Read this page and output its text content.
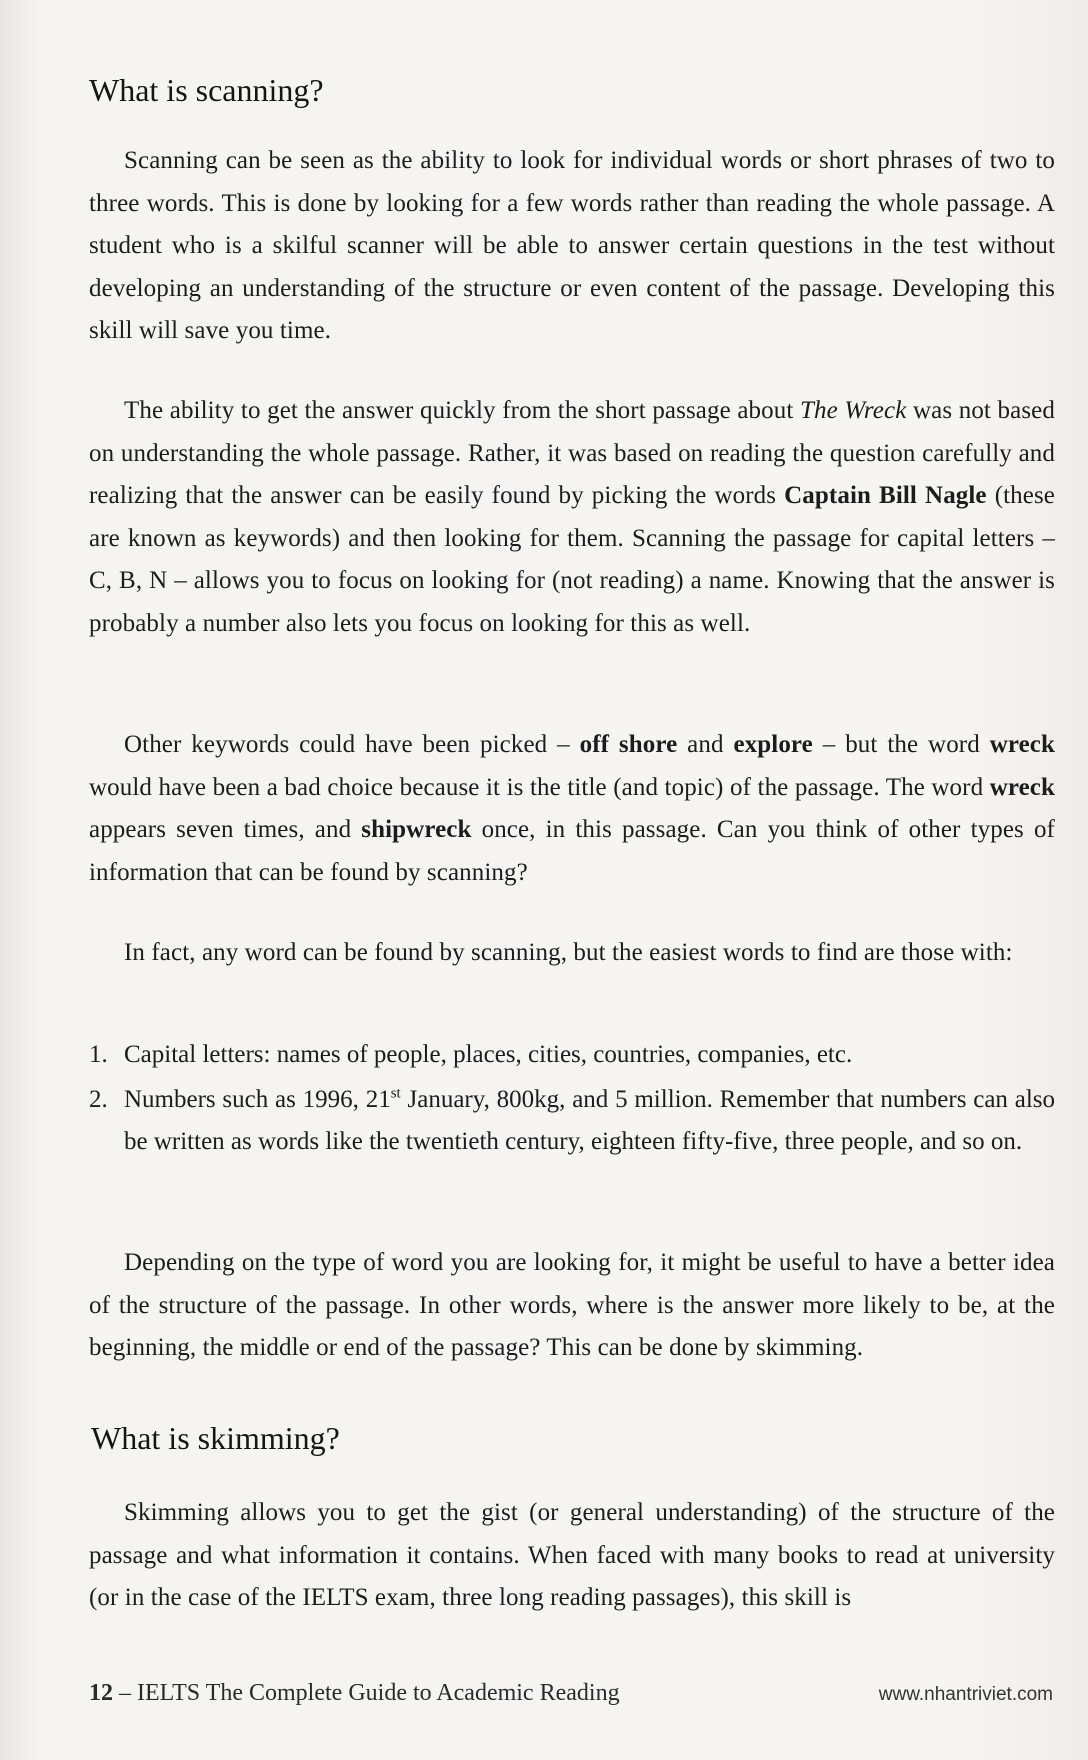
What is scanning?

Scanning can be seen as the ability to look for individual words or short phrases of two to three words. This is done by looking for a few words rather than reading the whole passage. A student who is a skilful scanner will be able to answer certain questions in the test without developing an understanding of the structure or even content of the passage. Developing this skill will save you time.

The ability to get the answer quickly from the short passage about The Wreck was not based on understanding the whole passage. Rather, it was based on reading the question carefully and realizing that the answer can be easily found by picking the words Captain Bill Nagle (these are known as keywords) and then looking for them. Scanning the passage for capital letters – C, B, N – allows you to focus on looking for (not reading) a name. Knowing that the answer is probably a number also lets you focus on looking for this as well.

Other keywords could have been picked – off shore and explore – but the word wreck would have been a bad choice because it is the title (and topic) of the passage. The word wreck appears seven times, and shipwreck once, in this passage. Can you think of other types of information that can be found by scanning?

In fact, any word can be found by scanning, but the easiest words to find are those with:

1. Capital letters: names of people, places, cities, countries, companies, etc.
2. Numbers such as 1996, 21st January, 800kg, and 5 million. Remember that numbers can also be written as words like the twentieth century, eighteen fifty-five, three people, and so on.

Depending on the type of word you are looking for, it might be useful to have a better idea of the structure of the passage. In other words, where is the answer more likely to be, at the beginning, the middle or end of the passage? This can be done by skimming.

What is skimming?

Skimming allows you to get the gist (or general understanding) of the structure of the passage and what information it contains. When faced with many books to read at university (or in the case of the IELTS exam, three long reading passages), this skill is

12 – IELTS The Complete Guide to Academic Reading	www.nhantriviet.com
